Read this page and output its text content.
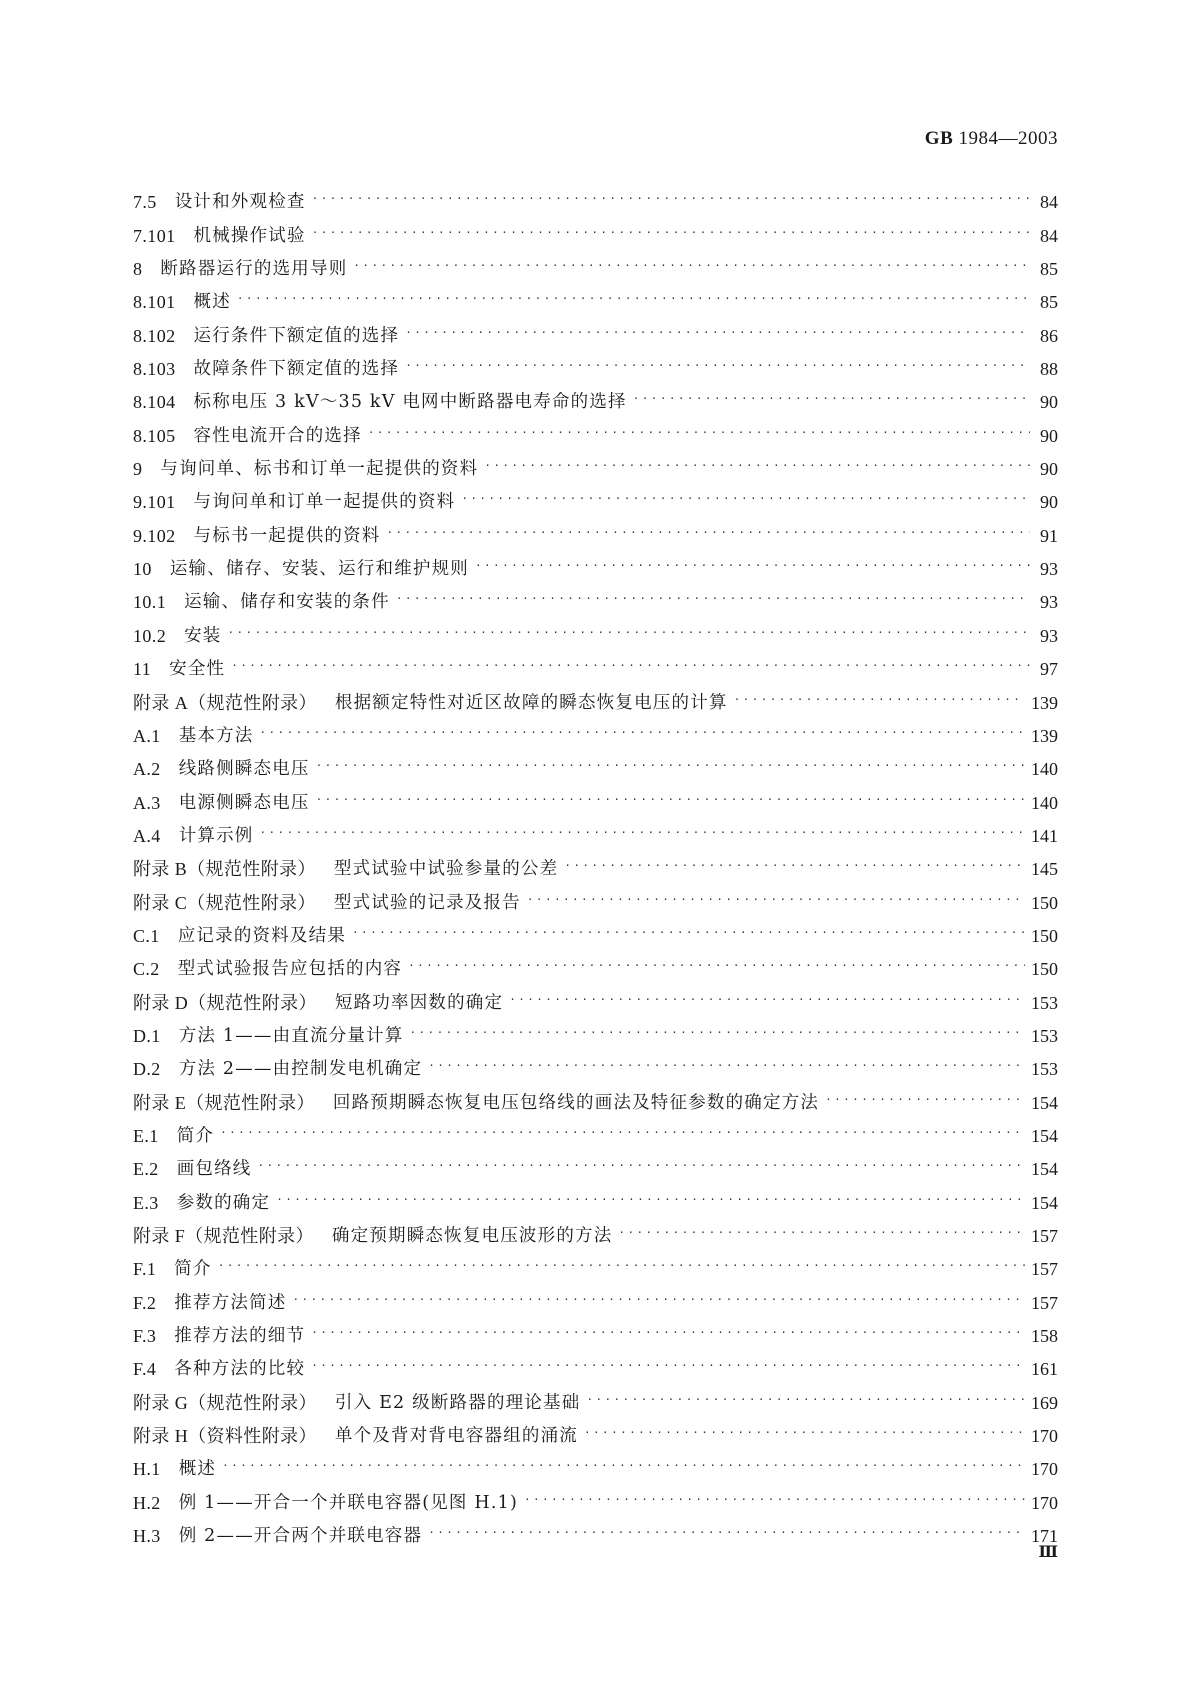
GB 1984—2003
7.5	设计和外观检查 ·····	84
7.101	机械操作试验 ·····	84
8	断路器运行的选用导则 ·····	85
8.101	概述 ·····	85
8.102	运行条件下额定值的选择 ·····	86
8.103	故障条件下额定值的选择 ·····	88
8.104	标称电压 3 kV～35 kV 电网中断路器电寿命的选择 ·····	90
8.105	容性电流开合的选择 ·····	90
9	与询问单、标书和订单一起提供的资料 ·····	90
9.101	与询问单和订单一起提供的资料 ·····	90
9.102	与标书一起提供的资料 ·····	91
10	运输、储存、安装、运行和维护规则 ·····	93
10.1	运输、储存和安装的条件 ·····	93
10.2	安装 ·····	93
11	安全性 ·····	97
附录 A（规范性附录）	根据额定特性对近区故障的瞬态恢复电压的计算 ·····	139
A.1	基本方法 ·····	139
A.2	线路侧瞬态电压 ·····	140
A.3	电源侧瞬态电压 ·····	140
A.4	计算示例 ·····	141
附录 B（规范性附录）	型式试验中试验参量的公差 ·····	145
附录 C（规范性附录）	型式试验的记录及报告 ·····	150
C.1	应记录的资料及结果 ·····	150
C.2	型式试验报告应包括的内容 ·····	150
附录 D（规范性附录）	短路功率因数的确定 ·····	153
D.1	方法 1——由直流分量计算 ·····	153
D.2	方法 2——由控制发电机确定 ·····	153
附录 E（规范性附录）	回路预期瞬态恢复电压包络线的画法及特征参数的确定方法 ·····	154
E.1	简介 ·····	154
E.2	画包络线 ·····	154
E.3	参数的确定 ·····	154
附录 F（规范性附录）	确定预期瞬态恢复电压波形的方法 ·····	157
F.1	简介 ·····	157
F.2	推荐方法简述 ·····	157
F.3	推荐方法的细节 ·····	158
F.4	各种方法的比较 ·····	161
附录 G（规范性附录）	引入 E2 级断路器的理论基础 ·····	169
附录 H（资料性附录）	单个及背对背电容器组的涌流 ·····	170
H.1	概述 ·····	170
H.2	例 1——开合一个并联电容器(见图 H.1) ·····	170
H.3	例 2——开合两个并联电容器 ·····	171
Ⅲ
